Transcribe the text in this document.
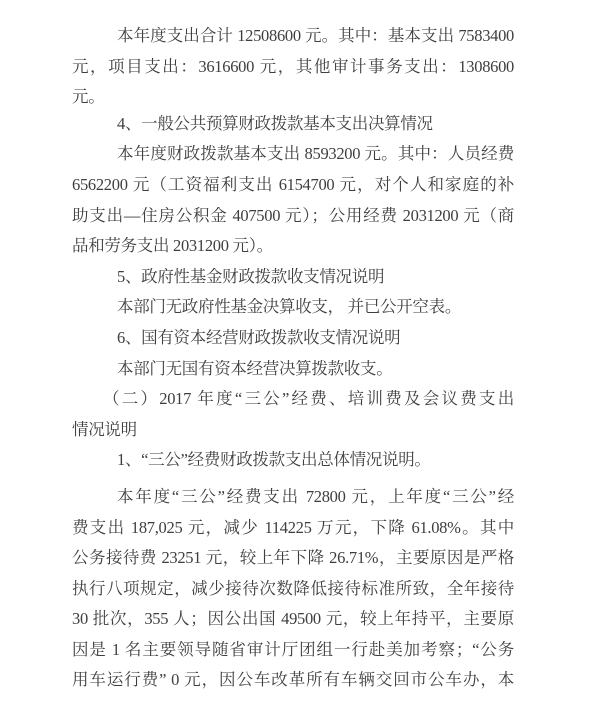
本年度支出合计 12508600 元。其中：基本支出 7583400
元，项目支出：3616600 元，其他审计事务支出：1308600
元。
4、一般公共预算财政拨款基本支出决算情况
本年度财政拨款基本支出 8593200 元。其中：人员经费
6562200 元（工资福利支出 6154700 元，对个人和家庭的补
助支出—住房公积金 407500 元）；公用经费 2031200 元（商
品和劳务支出 2031200 元）。
5、政府性基金财政拨款收支情况说明
本部门无政府性基金决算收支， 并已公开空表。
6、国有资本经营财政拨款收支情况说明
本部门无国有资本经营决算拨款收支。
（二）2017 年度“三公”经费、培训费及会议费支出
情况说明
1、“三公”经费财政拨款支出总体情况说明。
本年度“三公”经费支出 72800 元，上年度“三公”经
费支出 187,025 元，减少 114225 万元，下降 61.08%。其中
公务接待费 23251 元，较上年下降 26.71%，主要原因是严格
执行八项规定，减少接待次数降低接待标准所致，全年接待
30 批次，355 人；因公出国 49500 元，较上年持平，主要原
因是 1 名主要领导随省审计厅团组一行赴美加考察；“公务
用车运行费” 0 元，因公车改革所有车辆交回市公车办，本
